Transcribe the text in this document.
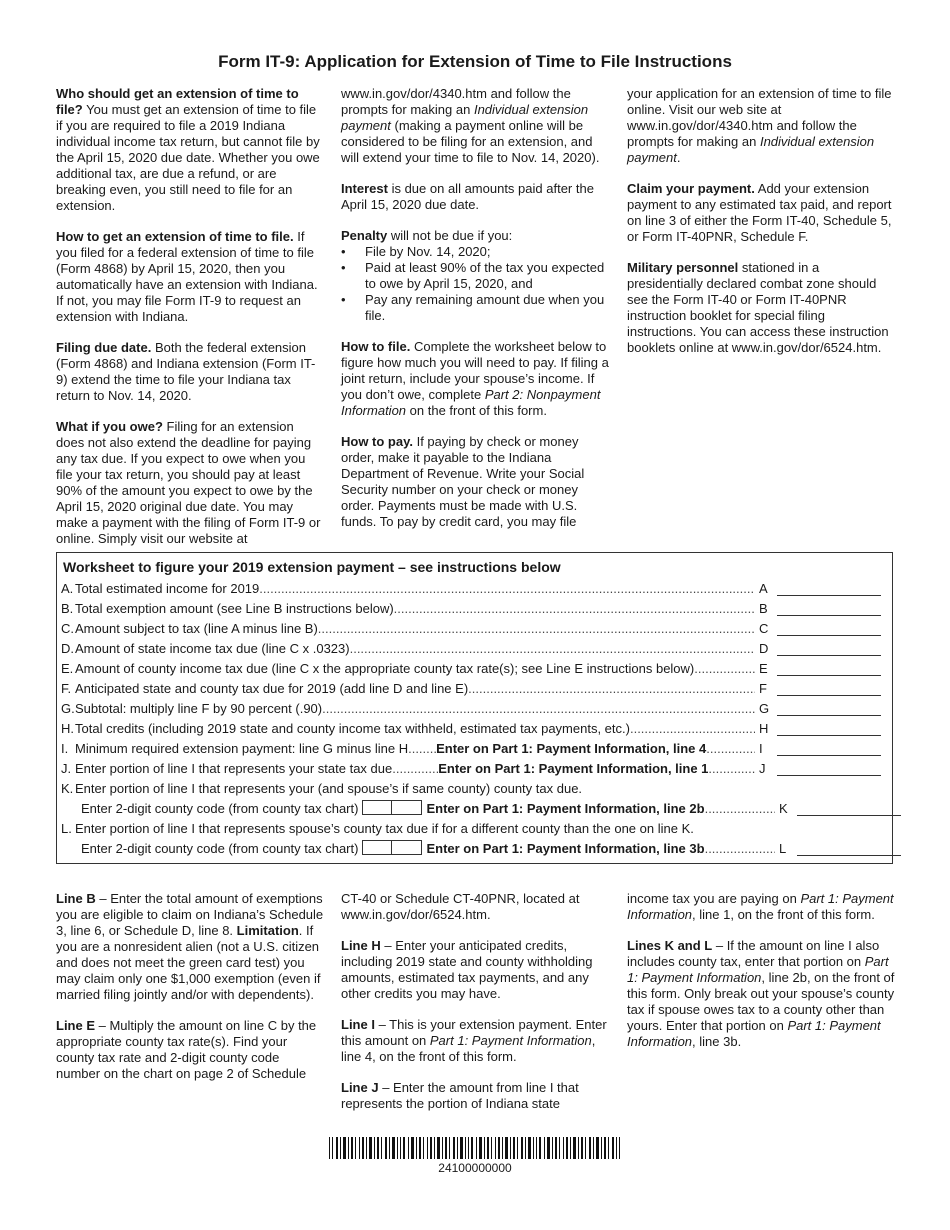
Form IT-9: Application for Extension of Time to File Instructions

Who should get an extension of time to file? You must get an extension of time to file if you are required to file a 2019 Indiana individual income tax return, but cannot file by the April 15, 2020 due date. Whether you owe additional tax, are due a refund, or are breaking even, you still need to file for an extension.

How to get an extension of time to file. If you filed for a federal extension of time to file (Form 4868) by April 15, 2020, then you automatically have an extension with Indiana. If not, you may file Form IT-9 to request an extension with Indiana.

Filing due date. Both the federal extension (Form 4868) and Indiana extension (Form IT-9) extend the time to file your Indiana tax return to Nov. 14, 2020.

What if you owe? Filing for an extension does not also extend the deadline for paying any tax due. If you expect to owe when you file your tax return, you should pay at least 90% of the amount you expect to owe by the April 15, 2020 original due date. You may make a payment with the filing of Form IT-9 or online. Simply visit our website at

www.in.gov/dor/4340.htm and follow the prompts for making an Individual extension payment (making a payment online will be considered to be filing for an extension, and will extend your time to file to Nov. 14, 2020).

Interest is due on all amounts paid after the April 15, 2020 due date.

Penalty will not be due if you:

• File by Nov. 14, 2020;
• Paid at least 90% of the tax you expected to owe by April 15, 2020, and
• Pay any remaining amount due when you file.

How to file. Complete the worksheet below to figure how much you will need to pay. If filing a joint return, include your spouse’s income. If you don’t owe, complete Part 2: Nonpayment Information on the front of this form.

How to pay. If paying by check or money order, make it payable to the Indiana Department of Revenue. Write your Social Security number on your check or money order. Payments must be made with U.S. funds. To pay by credit card, you may file

your application for an extension of time to file online. Visit our web site at www.in.gov/dor/4340.htm and follow the prompts for making an Individual extension payment.

Claim your payment. Add your extension payment to any estimated tax paid, and report on line 3 of either the Form IT-40, Schedule 5, or Form IT-40PNR, Schedule F.

Military personnel stationed in a presidentially declared combat zone should see the Form IT-40 or Form IT-40PNR instruction booklet for special filing instructions. You can access these instruction booklets online at www.in.gov/dor/6524.htm.

Worksheet to figure your 2019 extension payment – see instructions below
A. Total estimated income for 2019 .....	A
B. Total exemption amount (see Line B instructions below) .....	B
C. Amount subject to tax (line A minus line B) .....	C
D. Amount of state income tax due (line C x .0323) .....	D
E. Amount of county income tax due (line C x the appropriate county tax rate(s); see Line E instructions below) .....	E
F. Anticipated state and county tax due for 2019 (add line D and line E) .....	F
G. Subtotal: multiply line F by 90 percent (.90) .....	G
H. Total credits (including 2019 state and county income tax withheld, estimated tax payments, etc.) .....	H
I. Minimum required extension payment: line G minus line H ..... Enter on Part 1: Payment Information, line 4 .....	I
J. Enter portion of line I that represents your state tax due .....	Enter on Part 1: Payment Information, line 1 .....	J
K. Enter portion of line I that represents your (and spouse’s if same county) county tax due.
Enter 2-digit county code (from county tax chart)	Enter on Part 1: Payment Information, line 2b .....	K
L. Enter portion of line I that represents spouse’s county tax due if for a different county than the one on line K.
Enter 2-digit county code (from county tax chart)	Enter on Part 1: Payment Information, line 3b .....	L

Line B – Enter the total amount of exemptions you are eligible to claim on Indiana’s Schedule 3, line 6, or Schedule D, line 8. Limitation. If you are a nonresident alien (not a U.S. citizen and does not meet the green card test) you may claim only one $1,000 exemption (even if married filing jointly and/or with dependents).

Line E – Multiply the amount on line C by the appropriate county tax rate(s). Find your county tax rate and 2-digit county code number on the chart on page 2 of Schedule

CT-40 or Schedule CT-40PNR, located at www.in.gov/dor/6524.htm.

Line H – Enter your anticipated credits, including 2019 state and county withholding amounts, estimated tax payments, and any other credits you may have.

Line I – This is your extension payment. Enter this amount on Part 1: Payment Information, line 4, on the front of this form.

Line J – Enter the amount from line I that represents the portion of Indiana state

income tax you are paying on Part 1: Payment Information, line 1, on the front of this form.

Lines K and L – If the amount on line I also includes county tax, enter that portion on Part 1: Payment Information, line 2b, on the front of this form. Only break out your spouse’s county tax if spouse owes tax to a county other than yours. Enter that portion on Part 1: Payment Information, line 3b.

24100000000
